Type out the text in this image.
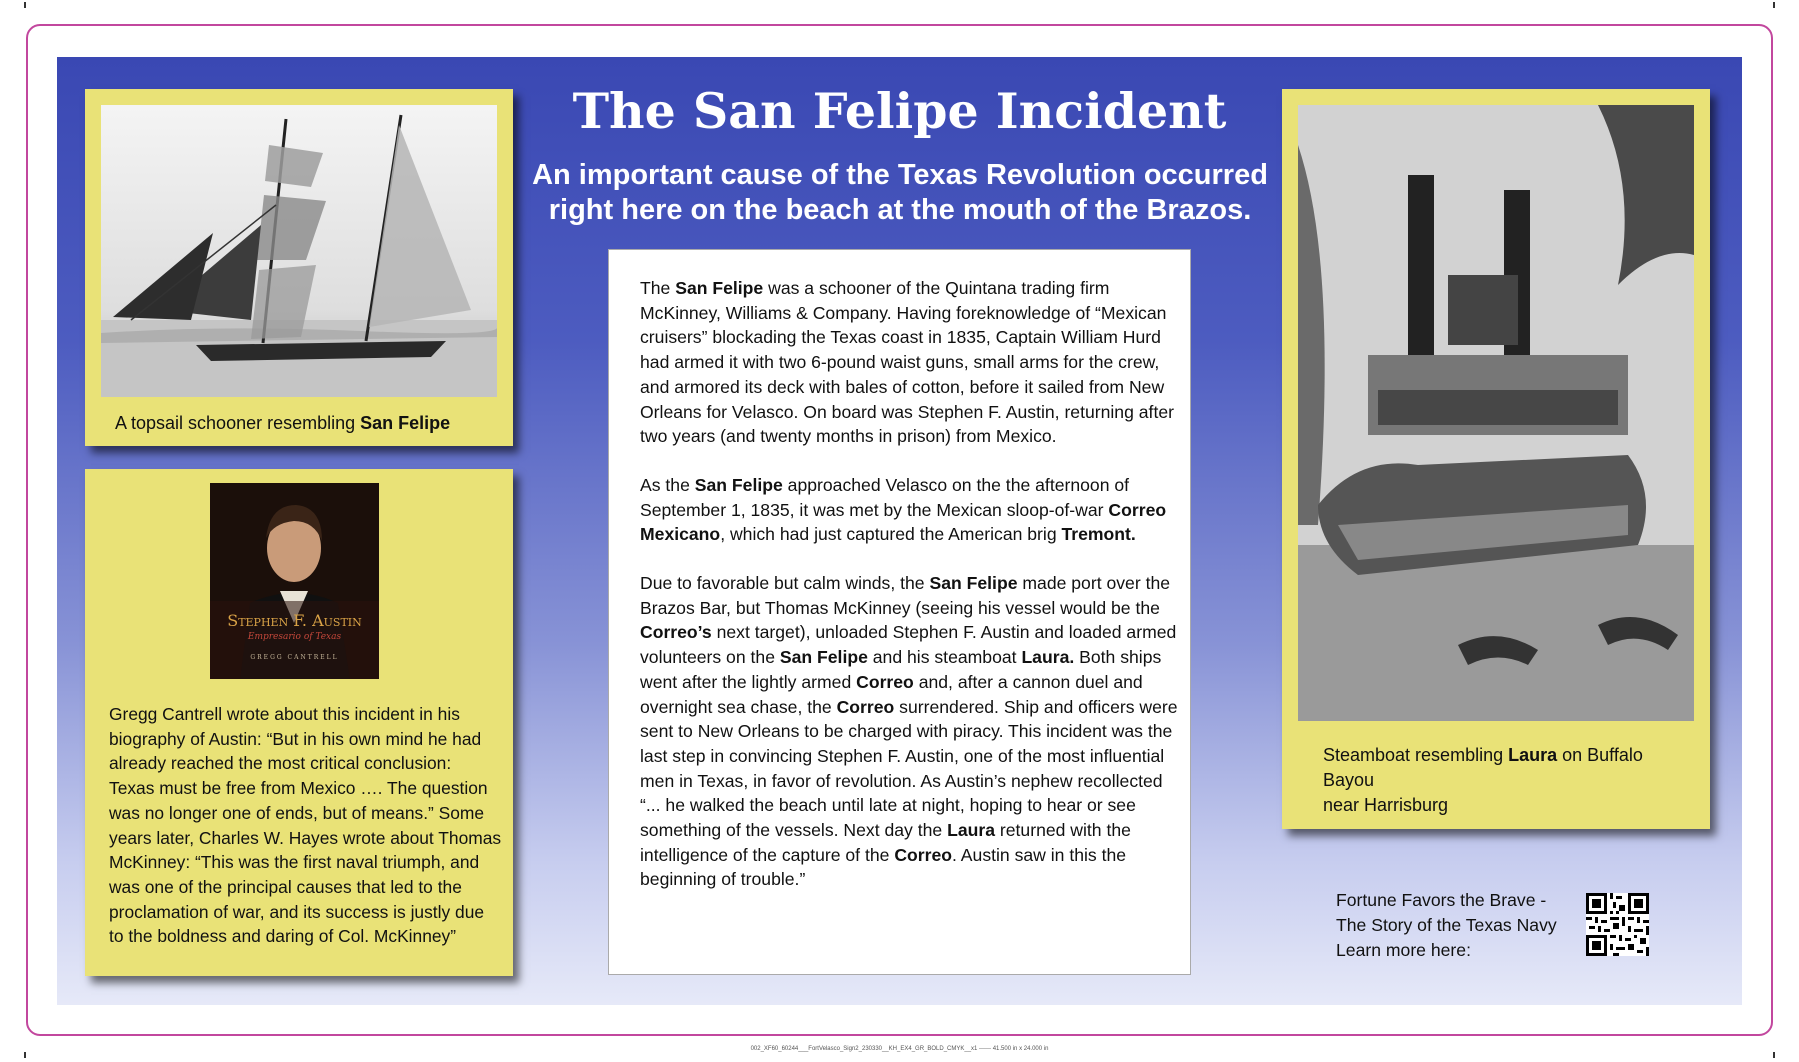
The San Felipe Incident
An important cause of the Texas Revolution occurred
right here on the beach at the mouth of the Brazos.
A topsail schooner resembling San Felipe
Stephen F. Austin
Empresario of Texas
GREGG CANTRELL
Gregg Cantrell wrote about this incident in his
biography of Austin: “But in his own mind he had
already reached the most critical conclusion:
Texas must be free from Mexico …. The question
was no longer one of ends, but of means.” Some
years later, Charles W. Hayes wrote about Thomas
McKinney: “This was the first naval triumph, and
was one of the principal causes that led to the
proclamation of war, and its success is justly due
to the boldness and daring of Col. McKinney”

The San Felipe was a schooner of the Quintana trading firm McKinney, Williams & Company. Having foreknowledge of “Mexican cruisers” blockading the Texas coast in 1835, Captain William Hurd had armed it with two 6-pound waist guns, small arms for the crew, and armored its deck with bales of cotton, before it sailed from New Orleans for Velasco. On board was Stephen F. Austin, returning after two years (and twenty months in prison) from Mexico.

As the San Felipe approached Velasco on the the afternoon of September 1, 1835, it was met by the Mexican sloop-of-war Correo Mexicano, which had just captured the American brig Tremont.

Due to favorable but calm winds, the San Felipe made port over the Brazos Bar, but Thomas McKinney (seeing his vessel would be the Correo’s next target), unloaded Stephen F. Austin and loaded armed volunteers on the San Felipe and his steamboat Laura. Both ships went after the lightly armed Correo and, after a cannon duel and overnight sea chase, the Correo surrendered. Ship and officers were sent to New Orleans to be charged with piracy. This incident was the last step in convincing Stephen F. Austin, one of the most influential men in Texas, in favor of revolution. As Austin’s nephew recollected “... he walked the beach until late at night, hoping to hear or see something of the vessels. Next day the Laura returned with the intelligence of the capture of the Correo. Austin saw in this the beginning of trouble.”

Steamboat resembling Laura on Buffalo Bayou
near Harrisburg
Fortune Favors the Brave -
The Story of the Texas Navy
Learn more here:
002_XF60_60244___FortVelasco_Sign2_230330__KH_EX4_GR_BOLD_CMYK__x1 ------ 41.500 in x 24.000 in
